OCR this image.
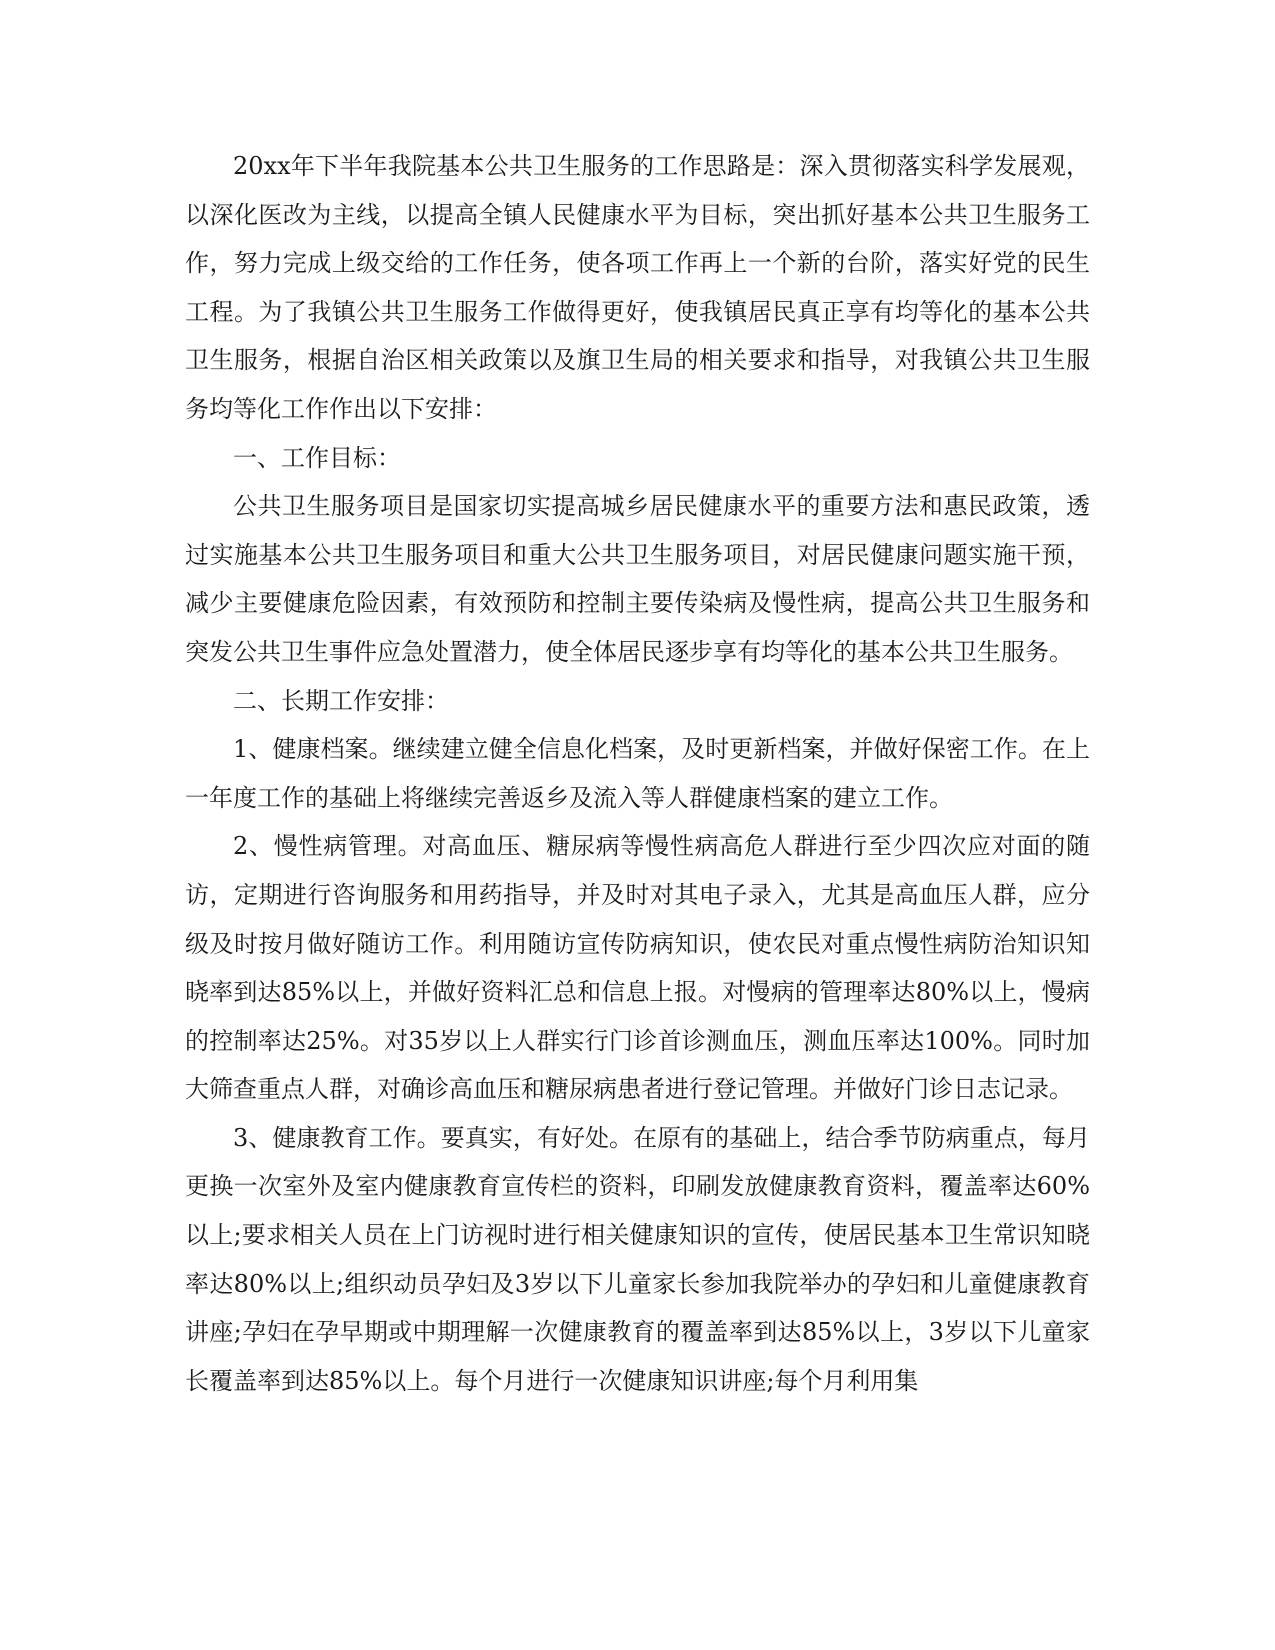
20xx年下半年我院基本公共卫生服务的工作思路是：深入贯彻落实科学发展观，以深化医改为主线，以提高全镇人民健康水平为目标，突出抓好基本公共卫生服务工作，努力完成上级交给的工作任务，使各项工作再上一个新的台阶，落实好党的民生工程。为了我镇公共卫生服务工作做得更好，使我镇居民真正享有均等化的基本公共卫生服务，根据自治区相关政策以及旗卫生局的相关要求和指导，对我镇公共卫生服务均等化工作作出以下安排：

一、工作目标：

公共卫生服务项目是国家切实提高城乡居民健康水平的重要方法和惠民政策，透过实施基本公共卫生服务项目和重大公共卫生服务项目，对居民健康问题实施干预，减少主要健康危险因素，有效预防和控制主要传染病及慢性病，提高公共卫生服务和突发公共卫生事件应急处置潜力，使全体居民逐步享有均等化的基本公共卫生服务。

二、长期工作安排：

1、健康档案。继续建立健全信息化档案，及时更新档案，并做好保密工作。在上一年度工作的基础上将继续完善返乡及流入等人群健康档案的建立工作。

2、慢性病管理。对高血压、糖尿病等慢性病高危人群进行至少四次应对面的随访，定期进行咨询服务和用药指导，并及时对其电子录入，尤其是高血压人群，应分级及时按月做好随访工作。利用随访宣传防病知识，使农民对重点慢性病防治知识知晓率到达85%以上，并做好资料汇总和信息上报。对慢病的管理率达80%以上，慢病的控制率达25%。对35岁以上人群实行门诊首诊测血压，测血压率达100%。同时加大筛查重点人群，对确诊高血压和糖尿病患者进行登记管理。并做好门诊日志记录。

3、健康教育工作。要真实，有好处。在原有的基础上，结合季节防病重点，每月更换一次室外及室内健康教育宣传栏的资料，印刷发放健康教育资料，覆盖率达60%以上;要求相关人员在上门访视时进行相关健康知识的宣传，使居民基本卫生常识知晓率达80%以上;组织动员孕妇及3岁以下儿童家长参加我院举办的孕妇和儿童健康教育讲座;孕妇在孕早期或中期理解一次健康教育的覆盖率到达85%以上，3岁以下儿童家长覆盖率到达85%以上。每个月进行一次健康知识讲座;每个月利用集
